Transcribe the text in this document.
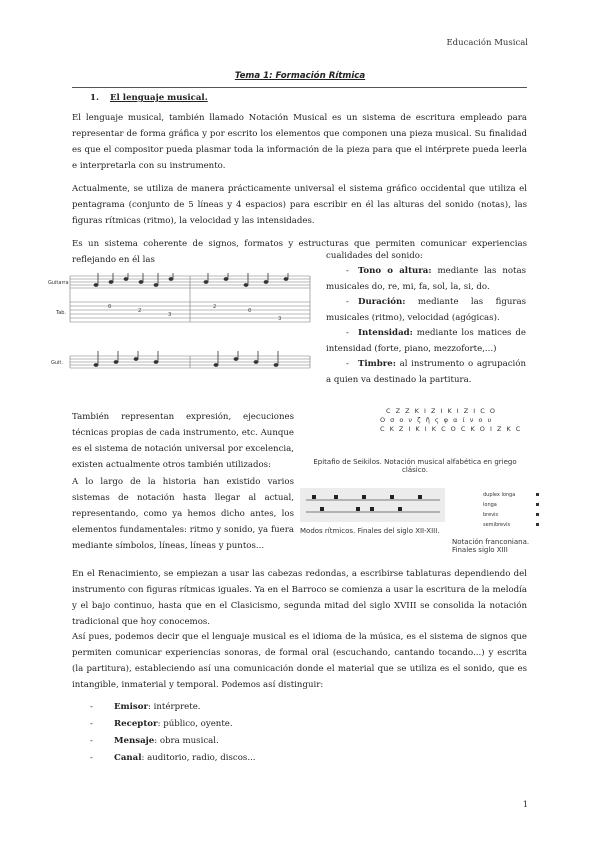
Educación Musical
Tema 1: Formación Rítmica
1. El lenguaje musical.

El lenguaje musical, también llamado Notación Musical es un sistema de escritura empleado para representar de forma gráfica y por escrito los elementos que componen una pieza musical. Su finalidad es que el compositor pueda plasmar toda la información de la pieza para que el intérprete pueda leerla e interpretarla con su instrumento.

Actualmente, se utiliza de manera prácticamente universal el sistema gráfico occidental que utiliza el pentagrama (conjunto de 5 líneas y 4 espacios) para escribir en él las alturas del sonido (notas), las figuras rítmicas (ritmo), la velocidad y las intensidades.

Es un sistema coherente de signos, formatos y estructuras que permiten comunicar experiencias reflejando en él las	cualidades del sonido:

0
2
3
2
0
3
Guitarra
Tab.
Guit.
- Tono o altura: mediante las notas musicales do, re, mi, fa, sol, la, si, do.
- Duración: mediante las figuras musicales (ritmo), velocidad (agógicas).
- Intensidad: mediante los matices de intensidad (forte, piano, mezzoforte,...)
- Timbre: al instrumento o agrupación a quien va destinado la partitura.

También representan expresión, ejecuciones técnicas propias de cada instrumento, etc. Aunque es el sistema de notación universal por excelencia, existen actualmente otros también utilizados:

C Z Z K I Z I K I Z I C Ο
Ο σ ο ν ζ ῆ ς φ α ί ν ο υ
C K Z I K I K C O C K O I Z K C
Epitafio de Seikilos. Notación musical alfabética en griego clásico.

A lo largo de la historia han existido varios sistemas de notación hasta llegar al actual, representando, como ya hemos dicho antes, los elementos fundamentales: ritmo y sonido, ya fuera mediante símbolos, líneas, líneas y puntos...

Modos rítmicos. Finales del siglo XII-XIII.
duplex longa
longa
brevis
semibrevis
Notación franconiana. Finales siglo XIII

En el Renacimiento, se empiezan a usar las cabezas redondas, a escribirse tablaturas dependiendo del instrumento con figuras rítmicas iguales. Ya en el Barroco se comienza a usar la escritura de la melodía y el bajo continuo, hasta que en el Clasicismo, segunda mitad del siglo XVIII se consolida la notación tradicional que hoy conocemos.

Así pues, podemos decir que el lenguaje musical es el idioma de la música, es el sistema de signos que permiten comunicar experiencias sonoras, de formal oral (escuchando, cantando tocando...) y escrita (la partitura), estableciendo así una comunicación donde el material que se utiliza es el sonido, que es intangible, inmaterial y temporal. Podemos así distinguir:

- Emisor: intérprete.
- Receptor: público, oyente.
- Mensaje: obra musical.
- Canal: auditorio, radio, discos...
1
